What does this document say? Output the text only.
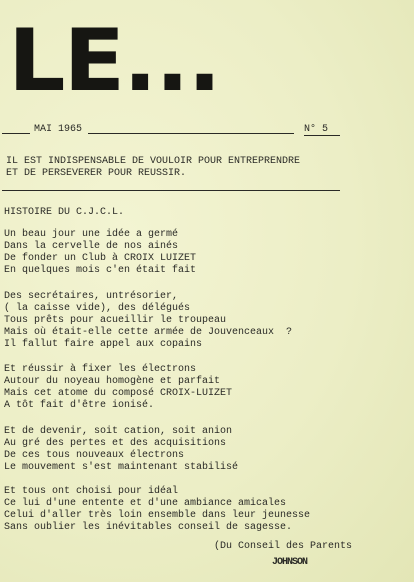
LE...
MAI 1965	N° 5
IL EST INDISPENSABLE DE VOULOIR POUR ENTREPRENDRE
ET DE PERSEVERER POUR REUSSIR.
HISTOIRE DU C.J.C.L.
Un beau jour une idée a germé
Dans la cervelle de nos ainés
De fonder un Club à CROIX LUIZET
En quelques mois c'en était fait
Des secrétaires, untrésorier,
( la caisse vide), des délégués
Tous prêts pour acueillir le troupeau
Mais où était-elle cette armée de Jouvenceaux  ?
Il fallut faire appel aux copains
Et réussir à fixer les électrons
Autour du noyeau homogène et parfait
Mais cet atome du composé CROIX-LUIZET
A tôt fait d'être ionisé.
Et de devenir, soit cation, soit anion
Au gré des pertes et des acquisitions
De ces tous nouveaux électrons
Le mouvement s'est maintenant stabilisé
Et tous ont choisi pour idéal
Ce lui d'une entente et d'une ambiance amicales
Celui d'aller très loin ensemble dans leur jeunesse
Sans oublier les inévitables conseil de sagesse.
(Du Conseil des Parents
JOHNSON
